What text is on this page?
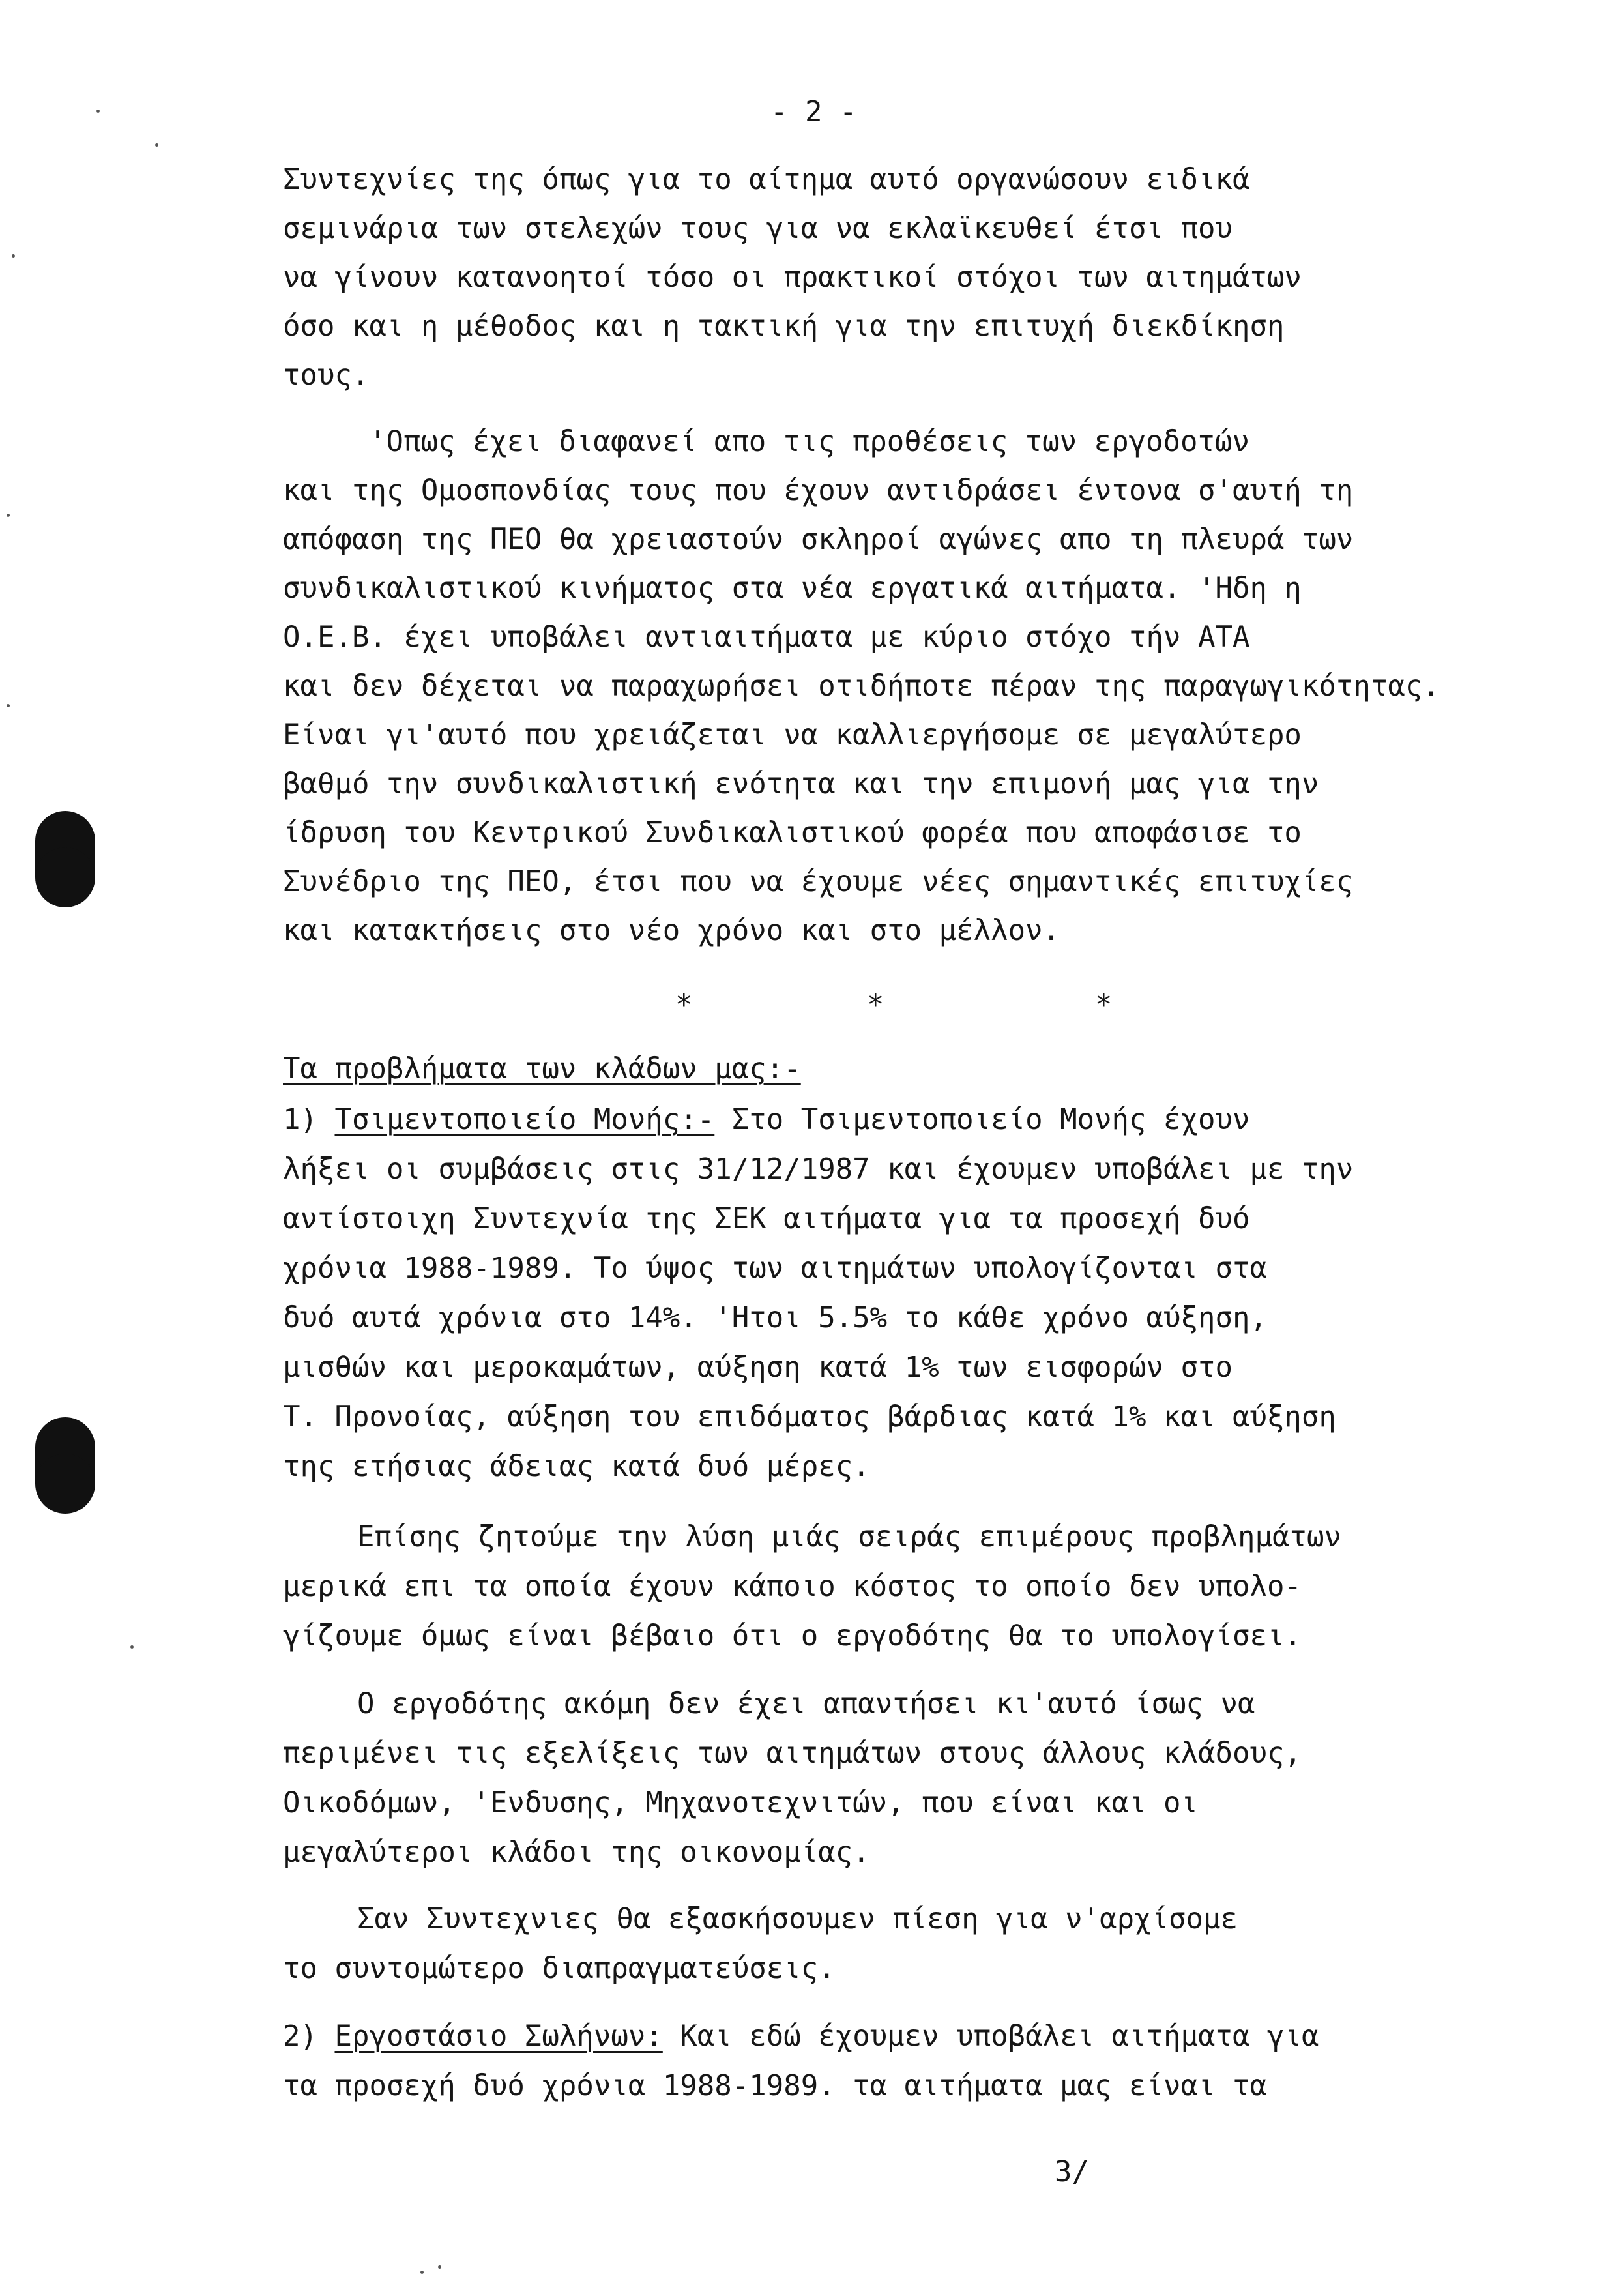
- 2 -
Συντεχνίες της όπως για το αίτημα αυτό οργανώσουν ειδικά
σεμινάρια των στελεχών τους για να εκλαϊκευθεί έτσι που
να γίνουν κατανοητοί τόσο οι πρακτικοί στόχοι των αιτημάτων
όσο και η μέθοδος και η τακτική για την επιτυχή διεκδίκηση
τους.
'Οπως έχει διαφανεί απο τις προθέσεις των εργοδοτών
και της Ομοσπονδίας τους που έχουν αντιδράσει έντονα σ'αυτή τη
απόφαση της ΠΕΟ θα χρειαστούν σκληροί αγώνες απο τη πλευρά των
συνδικαλιστικού κινήματος στα νέα εργατικά αιτήματα. 'Ηδη η
Ο.Ε.Β. έχει υποβάλει αντιαιτήματα με κύριο στόχο τήν ΑΤΑ
και δεν δέχεται να παραχωρήσει οτιδήποτε πέραν της παραγωγικότητας.
Είναι γι'αυτό που χρειάζεται να καλλιεργήσομε σε μεγαλύτερο
βαθμό την συνδικαλιστική ενότητα και την επιμονή μας για την
ίδρυση του Κεντρικού Συνδικαλιστικού φορέα που αποφάσισε το
Συνέδριο της ΠΕΟ, έτσι που να έχουμε νέες σημαντικές επιτυχίες
και κατακτήσεις στο νέο χρόνο και στο μέλλον.
*	*	*
Τα προβλήματα των κλάδων μας:-
1) Τσιμεντοποιείο Μονής:- Στο Τσιμεντοποιείο Μονής έχουν
λήξει οι συμβάσεις στις 31/12/1987 και έχουμεν υποβάλει με την
αντίστοιχη Συντεχνία της ΣΕΚ αιτήματα για τα προσεχή δυό
χρόνια 1988-1989. Το ύψος των αιτημάτων υπολογίζονται στα
δυό αυτά χρόνια στο 14%. 'Ητοι 5.5% το κάθε χρόνο αύξηση,
μισθών και μεροκαμάτων, αύξηση κατά 1% των εισφορών στο
Τ. Προνοίας, αύξηση του επιδόματος βάρδιας κατά 1% και αύξηση
της ετήσιας άδειας κατά δυό μέρες.
Επίσης ζητούμε την λύση μιάς σειράς επιμέρους προβλημάτων
μερικά επι τα οποία έχουν κάποιο κόστος το οποίο δεν υπολο-
γίζουμε όμως είναι βέβαιο ότι ο εργοδότης θα το υπολογίσει.
Ο εργοδότης ακόμη δεν έχει απαντήσει κι'αυτό ίσως να
περιμένει τις εξελίξεις των αιτημάτων στους άλλους κλάδους,
Οικοδόμων, 'Ενδυσης, Μηχανοτεχνιτών, που είναι και οι
μεγαλύτεροι κλάδοι της οικονομίας.
Σαν Συντεχνιες θα εξασκήσουμεν πίεση για ν'αρχίσομε
το συντομώτερο διαπραγματεύσεις.
2) Εργοστάσιο Σωλήνων: Και εδώ έχουμεν υποβάλει αιτήματα για
τα προσεχή δυό χρόνια 1988-1989. τα αιτήματα μας είναι τα
3/
